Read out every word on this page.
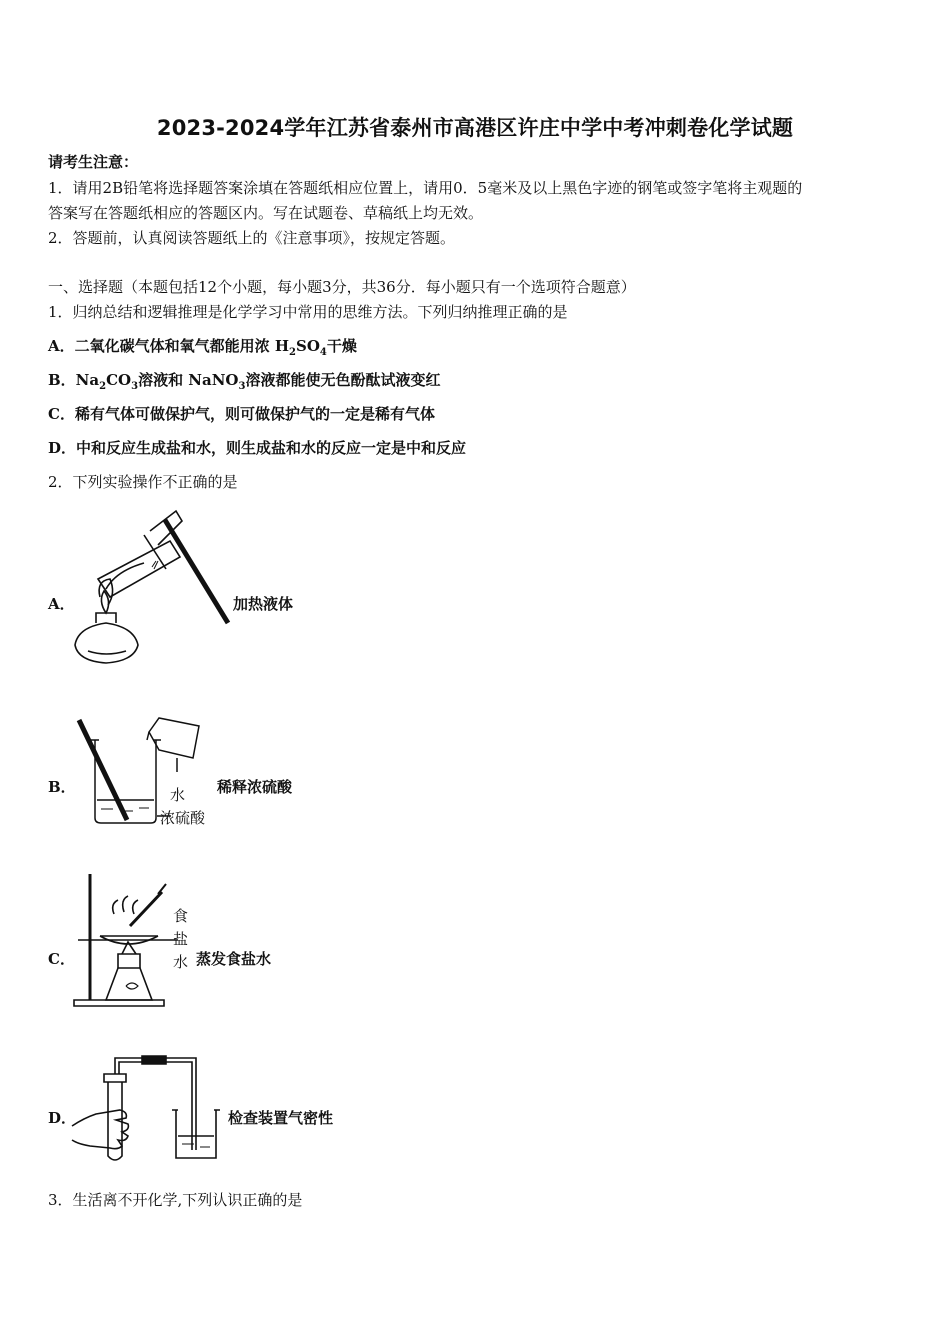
2023-2024学年江苏省泰州市高港区许庄中学中考冲刺卷化学试题
请考生注意：
1．请用2B铅笔将选择题答案涂填在答题纸相应位置上，请用0．5毫米及以上黑色字迹的钢笔或签字笔将主观题的
答案写在答题纸相应的答题区内。写在试题卷、草稿纸上均无效。
2．答题前，认真阅读答题纸上的《注意事项》，按规定答题。
一、选择题（本题包括12个小题，每小题3分，共36分．每小题只有一个选项符合题意）
1．归纳总结和逻辑推理是化学学习中常用的思维方法。下列归纳推理正确的是
A．二氧化碳气体和氧气都能用浓 $H_2SO_4$干燥
B．$Na_2CO_3$溶液和 NaNO$_3$溶液都能使无色酚酞试液变红
C．稀有气体可做保护气，则可做保护气的一定是稀有气体
D．中和反应生成盐和水，则生成盐和水的反应一定是中和反应
2．下列实验操作不正确的是
A．	加热液体
B．	水
浓硫酸
稀释浓硫酸
C．
食
盐
水 蒸发食盐水
D．	检查装置气密性
3．生活离不开化学,下列认识正确的是
